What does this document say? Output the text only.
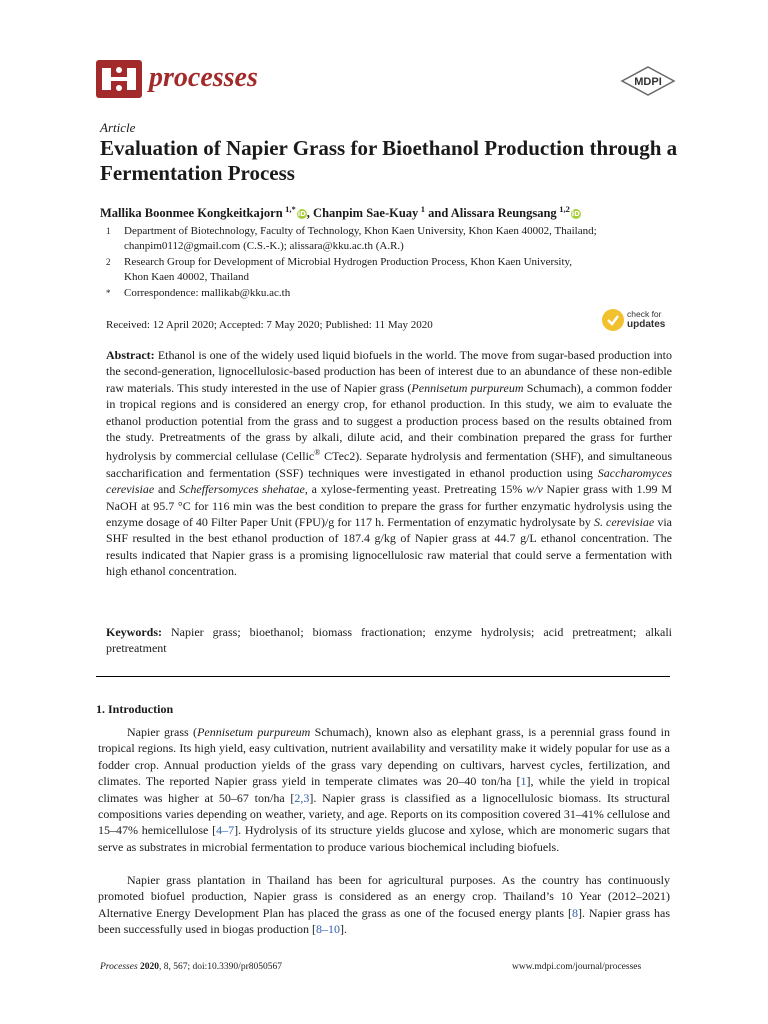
processes	MDPI
Article
Evaluation of Napier Grass for Bioethanol Production through a Fermentation Process
Mallika Boonmee Kongkeitkajorn  $^{1,*}$iD, Chanpim Sae-Kuay  $^1$ and Alissara Reungsang  $^{1,2}$iD
1 Department of Biotechnology, Faculty of Technology, Khon Kaen University, Khon Kaen 40002, Thailand;
chanpim0112@gmail.com (C.S.-K.); alissara@kku.ac.th (A.R.)
2 Research Group for Development of Microbial Hydrogen Production Process, Khon Kaen University,
Khon Kaen 40002, Thailand
* Correspondence: mallikab@kku.ac.th
Received: 12 April 2020; Accepted: 7 May 2020; Published: 11 May 2020
check for
updates
Abstract: Ethanol is one of the widely used liquid biofuels in the world. The move from sugar-based production into the second-generation, lignocellulosic-based production has been of interest due to an abundance of these non-edible raw materials. This study interested in the use of Napier grass (Pennisetum purpureum Schumach), a common fodder in tropical regions and is considered an energy crop, for ethanol production. In this study, we aim to evaluate the ethanol production potential from the grass and to suggest a production process based on the results obtained from the study. Pretreatments of the grass by alkali, dilute acid, and their combination prepared the grass for further hydrolysis by commercial cellulase (Cellic® CTec2). Separate hydrolysis and fermentation (SHF), and simultaneous saccharification and fermentation (SSF) techniques were investigated in ethanol production using Saccharomyces cerevisiae and Scheffersomyces shehatae, a xylose-fermenting yeast. Pretreating 15% w/v Napier grass with 1.99 M NaOH at 95.7 °C for 116 min was the best condition to prepare the grass for further enzymatic hydrolysis using the enzyme dosage of 40 Filter Paper Unit (FPU)/g for 117 h. Fermentation of enzymatic hydrolysate by S. cerevisiae via SHF resulted in the best ethanol production of 187.4 g/kg of Napier grass at 44.7 g/L ethanol concentration. The results indicated that Napier grass is a promising lignocellulosic raw material that could serve a fermentation with high ethanol concentration.
Keywords: Napier grass; bioethanol; biomass fractionation; enzyme hydrolysis; acid pretreatment; alkali pretreatment
1. Introduction
Napier grass (Pennisetum purpureum Schumach), known also as elephant grass, is a perennial grass found in tropical regions. Its high yield, easy cultivation, nutrient availability and versatility make it widely popular for use as a fodder crop. Annual production yields of the grass vary depending on cultivars, harvest cycles, fertilization, and climates. The reported Napier grass yield in temperate climates was 20–40 ton/ha [1], while the yield in tropical climates was higher at 50–67 ton/ha [2,3]. Napier grass is classified as a lignocellulosic biomass. Its structural compositions varies depending on weather, variety, and age. Reports on its composition covered 31–41% cellulose and 15–47% hemicellulose [4–7]. Hydrolysis of its structure yields glucose and xylose, which are monomeric sugars that serve as substrates in microbial fermentation to produce various biochemical including biofuels.
Napier grass plantation in Thailand has been for agricultural purposes. As the country has continuously promoted biofuel production, Napier grass is considered as an energy crop. Thailand’s 10 Year (2012–2021) Alternative Energy Development Plan has placed the grass as one of the focused energy plants [8]. Napier grass has been successfully used in biogas production [8–10].
Processes 2020, 8, 567; doi:10.3390/pr8050567	www.mdpi.com/journal/processes
